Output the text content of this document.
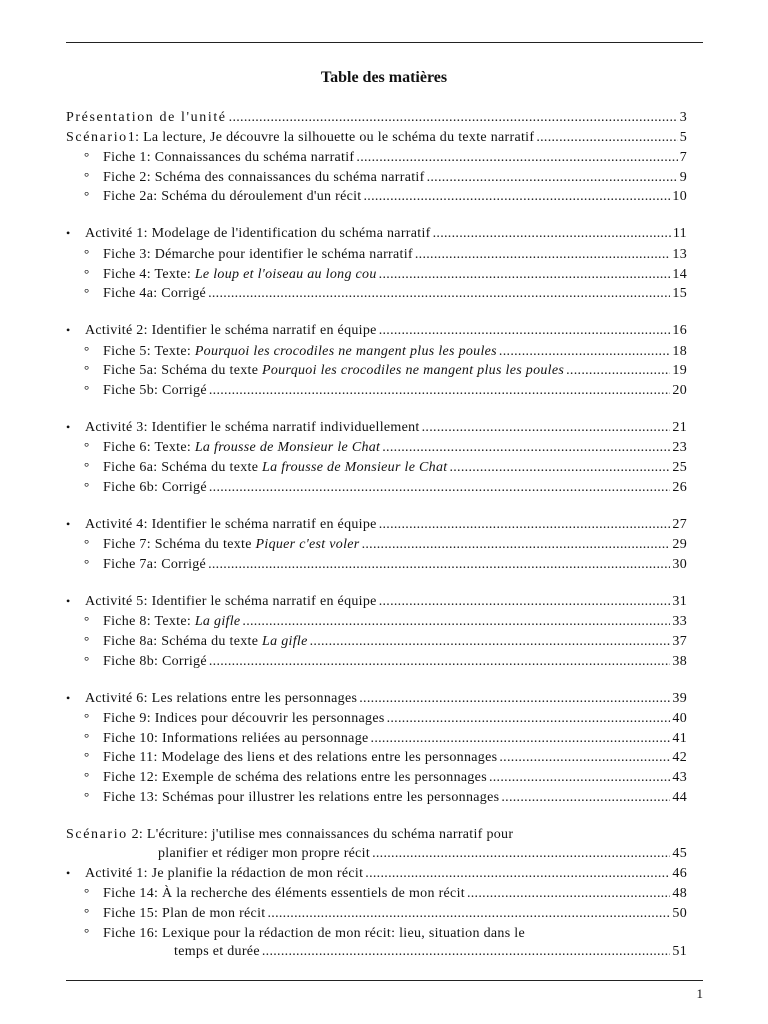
Table des matières
Présentation de l'unité .....	3
Scénario1: La lecture, Je découvre la silhouette ou le schéma du texte narratif .....	5
° Fiche 1: Connaissances du schéma narratif .....	7
° Fiche 2: Schéma des connaissances du schéma narratif .....	9
° Fiche 2a: Schéma du déroulement d'un récit .....	10
•	Activité 1: Modelage de l'identification du schéma narratif .....	11
° Fiche 3: Démarche pour identifier le schéma narratif .....	13
° Fiche 4: Texte: Le loup et l'oiseau au long cou .....	14
° Fiche 4a: Corrigé .....	15
•	Activité 2: Identifier le schéma narratif en équipe .....	16
° Fiche 5: Texte: Pourquoi les crocodiles ne mangent plus les poules .....	18
° Fiche 5a: Schéma du texte Pourquoi les crocodiles ne mangent plus les poules .....	19
° Fiche 5b: Corrigé .....	20
•	Activité 3: Identifier le schéma narratif individuellement .....	21
° Fiche 6: Texte: La frousse de Monsieur le Chat .....	23
° Fiche 6a: Schéma du texte La frousse de Monsieur le Chat .....	25
° Fiche 6b: Corrigé .....	26
•	Activité 4: Identifier le schéma narratif en équipe .....	27
° Fiche 7: Schéma du texte Piquer c'est voler .....	29
° Fiche 7a: Corrigé .....	30
•	Activité 5: Identifier le schéma narratif en équipe .....	31
° Fiche 8: Texte: La gifle .....	33
° Fiche 8a: Schéma du texte La gifle .....	37
° Fiche 8b: Corrigé .....	38
•	Activité 6: Les relations entre les personnages .....	39
° Fiche 9: Indices pour découvrir les personnages .....	40
° Fiche 10: Informations reliées au personnage .....	41
° Fiche 11: Modelage des liens et des relations entre les personnages .....	42
° Fiche 12: Exemple de schéma des relations entre les personnages .....	43
° Fiche 13: Schémas pour illustrer les relations entre les personnages .....	44
Scénario 2: L'écriture: j'utilise mes connaissances du schéma narratif pour
planifier et rédiger mon propre récit .....	45
•	Activité 1: Je planifie la rédaction de mon récit .....	46
° Fiche 14: À la recherche des éléments essentiels de mon récit .....	48
° Fiche 15: Plan de mon récit .....	50
° Fiche 16: Lexique pour la rédaction de mon récit: lieu, situation dans le
temps et durée .....	51
1
